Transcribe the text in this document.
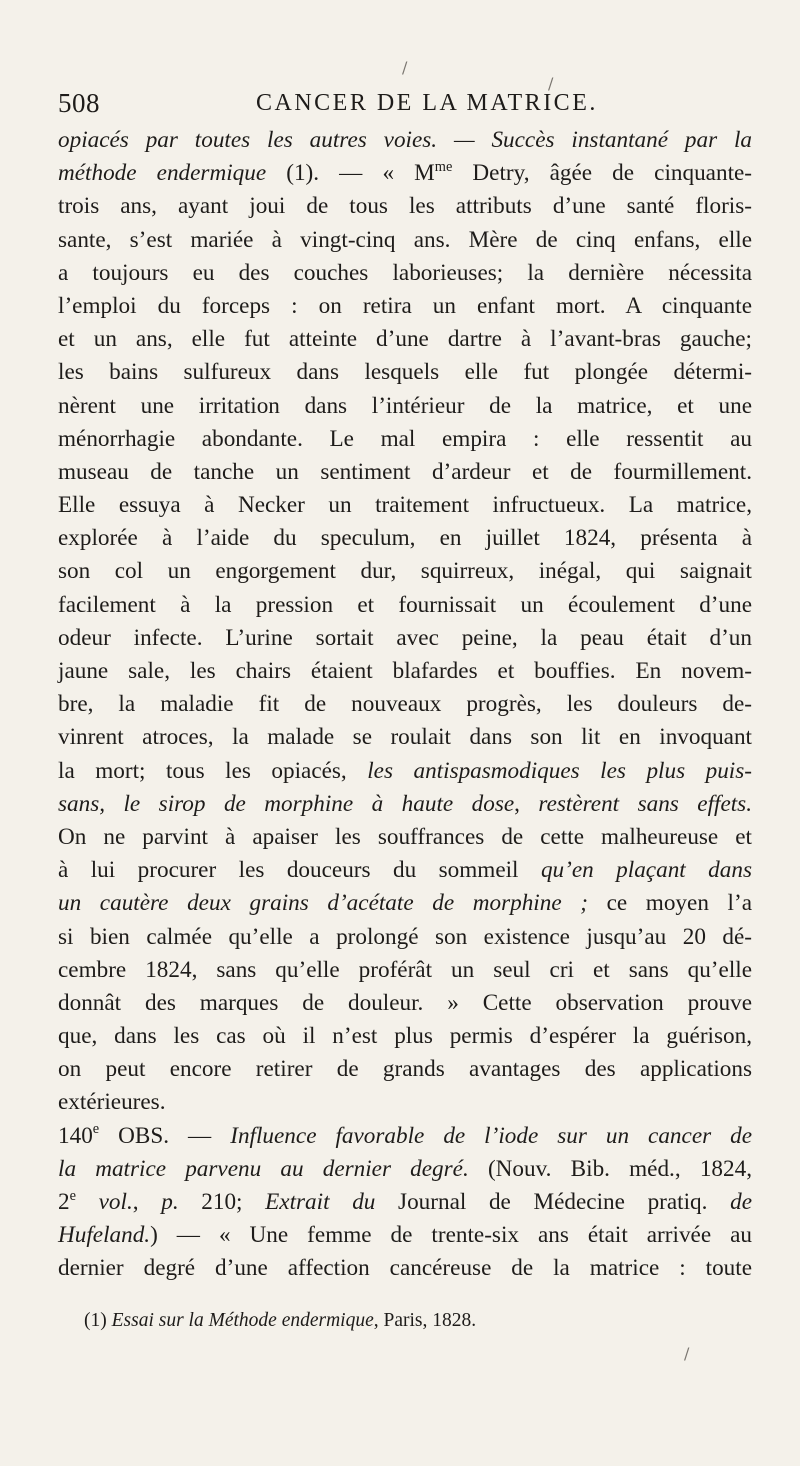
508	CANCER DE LA MATRICE.
opiacés par toutes les autres voies. — Succès instantané par la
méthode endermique (1). — « $M^{me}$ Detry, âgée de cinquante-
trois ans, ayant joui de tous les attributs d’une santé floris-
sante, s’est mariée à vingt-cinq ans. Mère de cinq enfans, elle
a toujours eu des couches laborieuses; la dernière nécessita
l’emploi du forceps : on retira un enfant mort. A cinquante
et un ans, elle fut atteinte d’une dartre à l’avant-bras gauche;
les bains sulfureux dans lesquels elle fut plongée détermi-
nèrent une irritation dans l’intérieur de la matrice, et une
ménorrhagie abondante. Le mal empira : elle ressentit au
museau de tanche un sentiment d’ardeur et de fourmillement.
Elle essuya à Necker un traitement infructueux. La matrice,
explorée à l’aide du speculum, en juillet 1824, présenta à
son col un engorgement dur, squirreux, inégal, qui saignait
facilement à la pression et fournissait un écoulement d’une
odeur infecte. L’urine sortait avec peine, la peau était d’un
jaune sale, les chairs étaient blafardes et bouffies. En novem-
bre, la maladie fit de nouveaux progrès, les douleurs de-
vinrent atroces, la malade se roulait dans son lit en invoquant
la mort; tous les opiacés, les antispasmodiques les plus puis-
sans, le sirop de morphine à haute dose, restèrent sans effets.
On ne parvint à apaiser les souffrances de cette malheureuse et
à lui procurer les douceurs du sommeil qu’en plaçant dans
un cautère deux grains d’acétate de morphine ; ce moyen l’a
si bien calmée qu’elle a prolongé son existence jusqu’au 20 dé-
cembre 1824, sans qu’elle proférât un seul cri et sans qu’elle
donnât des marques de douleur. » Cette observation prouve
que, dans les cas où il n’est plus permis d’espérer la guérison,
on peut encore retirer de grands avantages des applications
extérieures.
140e OBS. — Influence favorable de l’iode sur un cancer de
la matrice parvenu au dernier degré. (Nouv. Bib. méd., 1824,
2e vol., p. 210; Extrait du Journal de Médecine pratiq. de
Hufeland.) — « Une femme de trente-six ans était arrivée au
dernier degré d’une affection cancéreuse de la matrice : toute
(1) Essai sur la Méthode endermique, Paris, 1828.
/
/
/
